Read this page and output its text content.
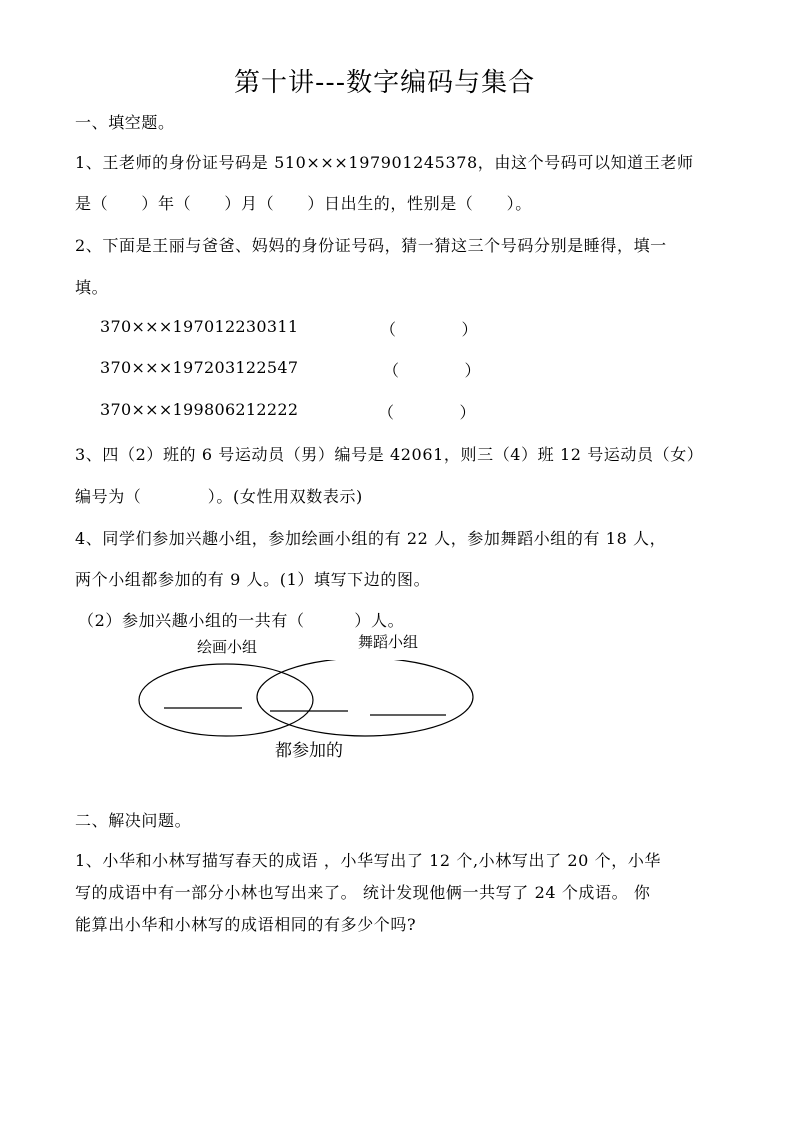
第十讲---数字编码与集合
一、填空题。
1、王老师的身份证号码是 510×××197901245378，由这个号码可以知道王老师
是（　　）年（　　）月（　　）日出生的，性别是（　　）。
2、下面是王丽与爸爸、妈妈的身份证号码，猜一猜这三个号码分别是睡得，填一
填。
370×××197012230311	（　　　　）
370×××197203122547	（　　　　）
370×××199806212222	（　　　　）
3、四（2）班的 6 号运动员（男）编号是 42061，则三（4）班 12 号运动员（女）
编号为（　　　　）。(女性用双数表示)
4、同学们参加兴趣小组，参加绘画小组的有 22 人，参加舞蹈小组的有 18 人，
两个小组都参加的有 9 人。(1）填写下边的图。
（2）参加兴趣小组的一共有（　　　）人。
绘画小组	舞蹈小组
都参加的
二、解决问题。
1、小华和小林写描写春天的成语 ，小华写出了 12 个,小林写出了 20 个，小华
写的成语中有一部分小林也写出来了。 统计发现他俩一共写了 24 个成语。 你
能算出小华和小林写的成语相同的有多少个吗?
